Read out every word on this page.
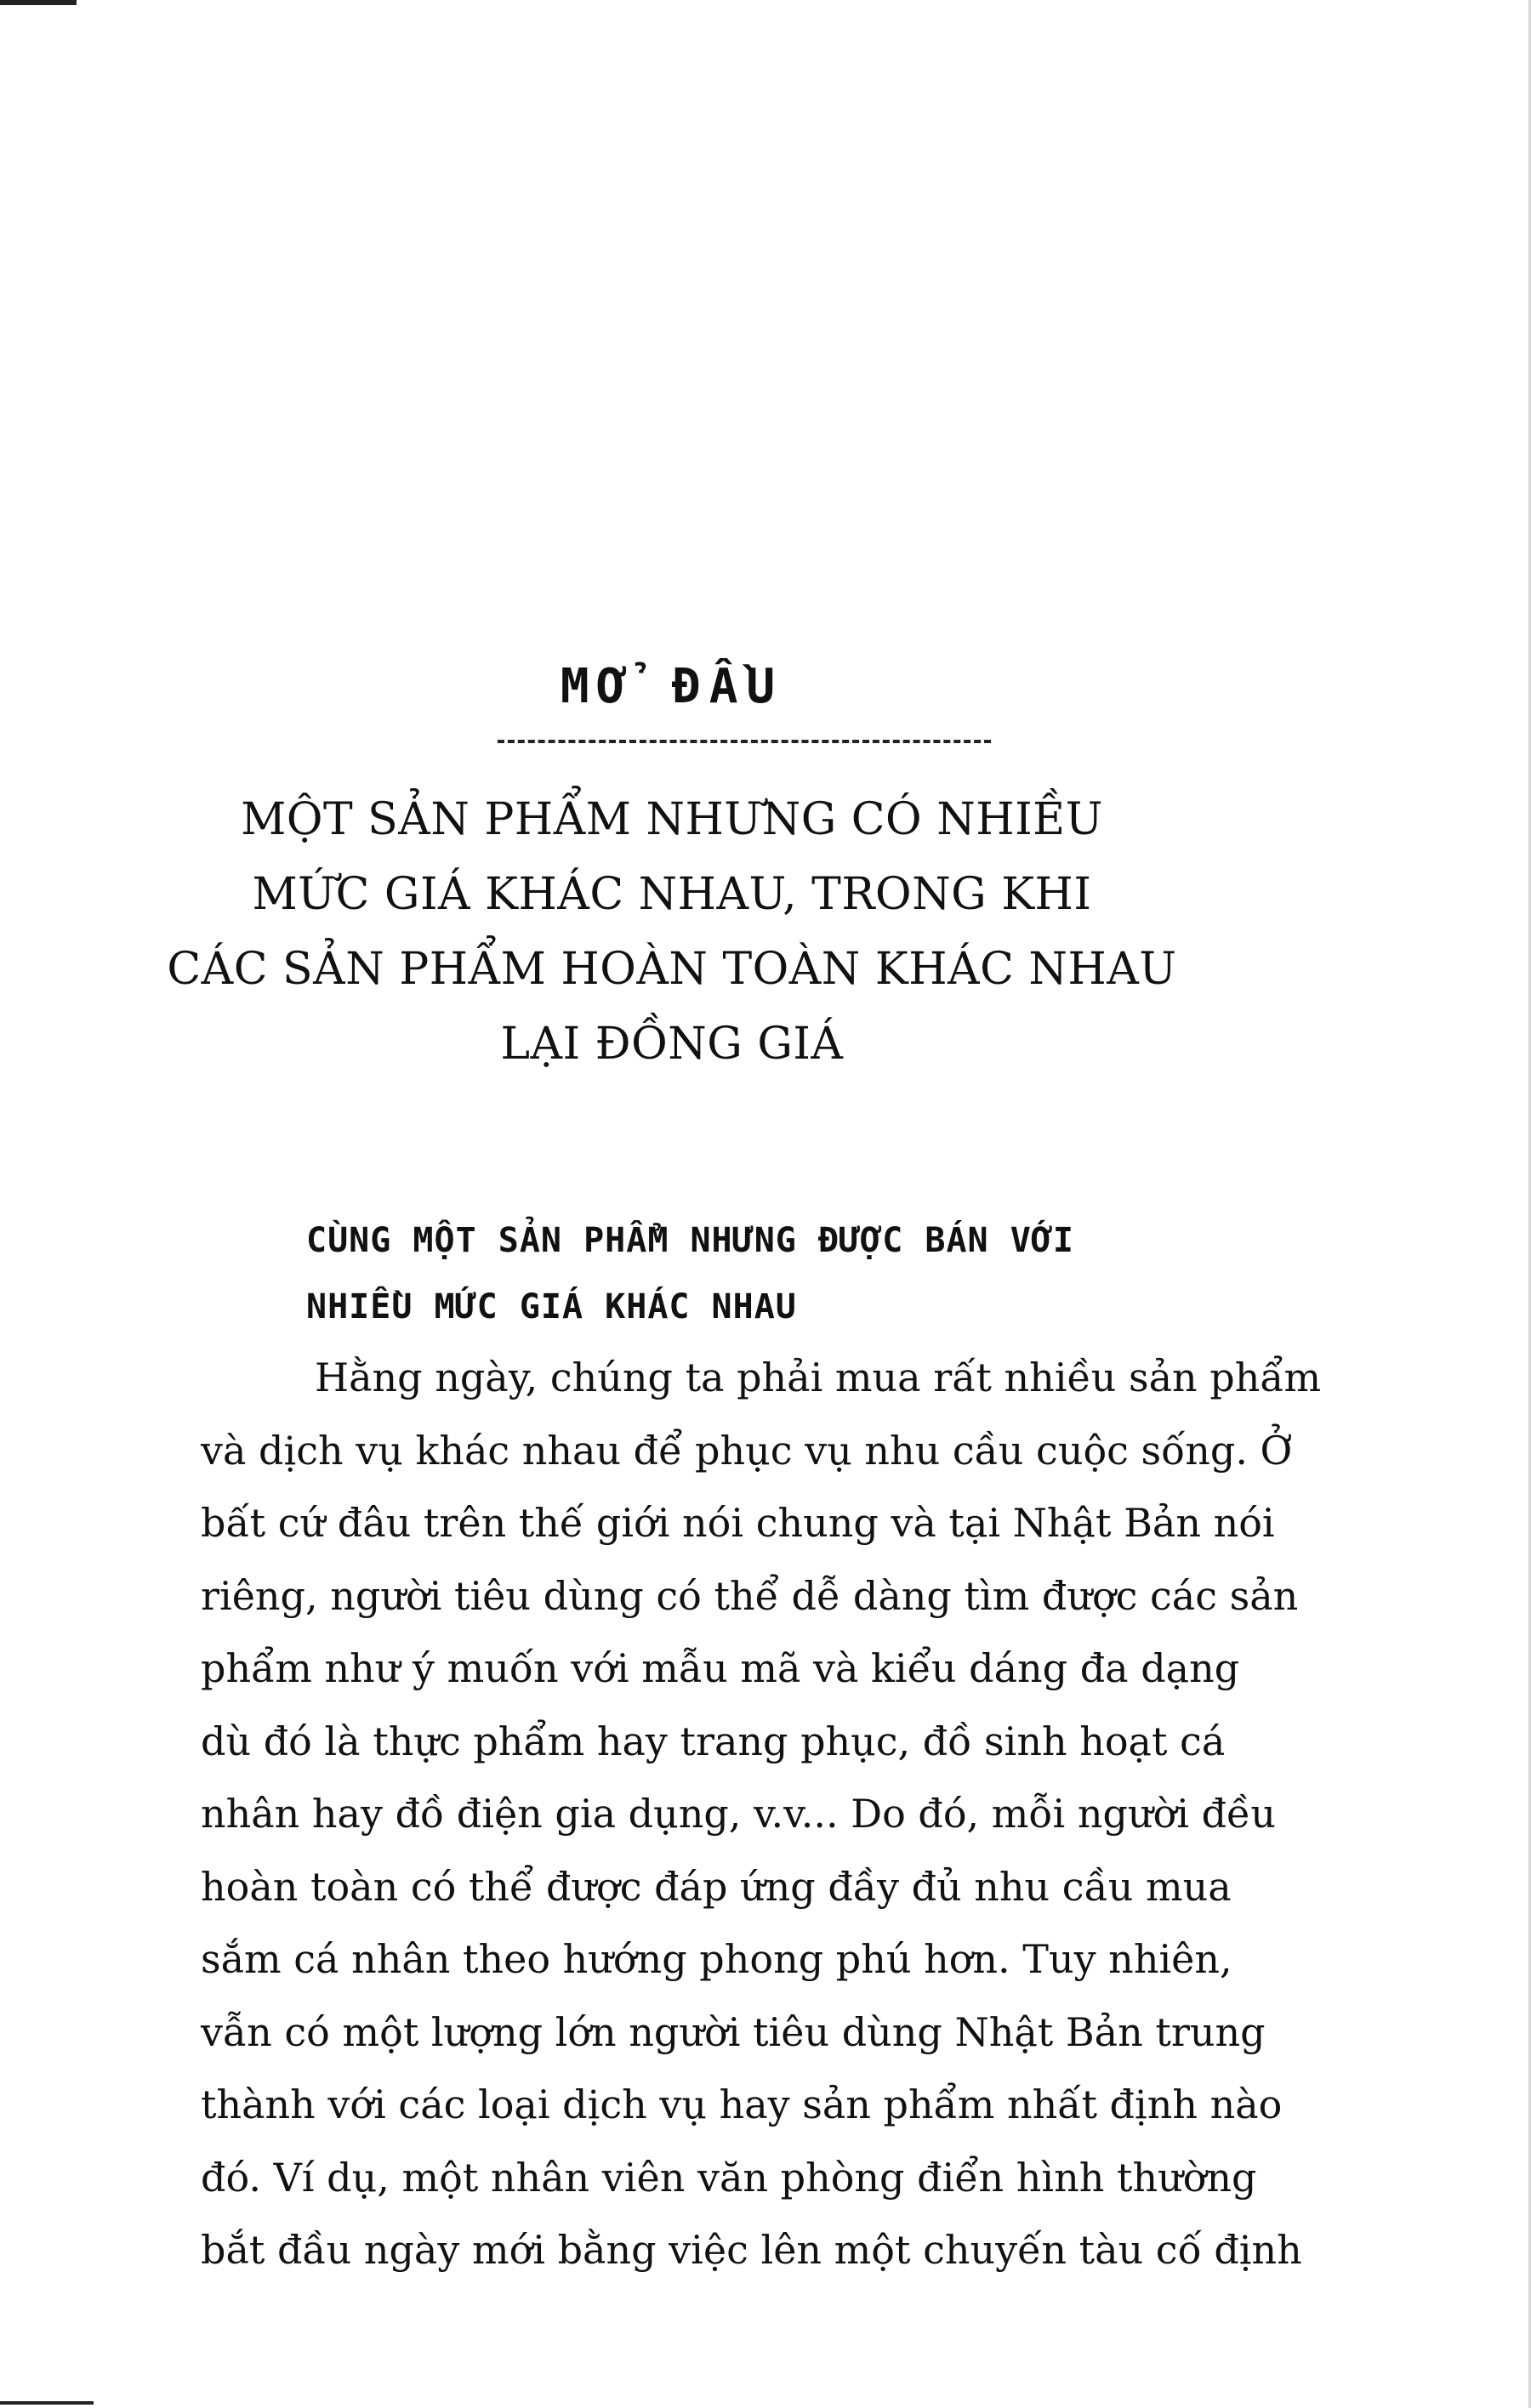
MỞ ĐẦU
MỘT SẢN PHẨM NHƯNG CÓ NHIỀU
MỨC GIÁ KHÁC NHAU, TRONG KHI
CÁC SẢN PHẨM HOÀN TOÀN KHÁC NHAU
LẠI ĐỒNG GIÁ
CÙNG MỘT SẢN PHẨM NHƯNG ĐƯỢC BÁN VỚI
NHIỀU MỨC GIÁ KHÁC NHAU
Hằng ngày, chúng ta phải mua rất nhiều sản phẩm
và dịch vụ khác nhau để phục vụ nhu cầu cuộc sống. Ở
bất cứ đâu trên thế giới nói chung và tại Nhật Bản nói
riêng, người tiêu dùng có thể dễ dàng tìm được các sản
phẩm như ý muốn với mẫu mã và kiểu dáng đa dạng
dù đó là thực phẩm hay trang phục, đồ sinh hoạt cá
nhân hay đồ điện gia dụng, v.v... Do đó, mỗi người đều
hoàn toàn có thể được đáp ứng đầy đủ nhu cầu mua
sắm cá nhân theo hướng phong phú hơn. Tuy nhiên,
vẫn có một lượng lớn người tiêu dùng Nhật Bản trung
thành với các loại dịch vụ hay sản phẩm nhất định nào
đó. Ví dụ, một nhân viên văn phòng điển hình thường
bắt đầu ngày mới bằng việc lên một chuyến tàu cố định
